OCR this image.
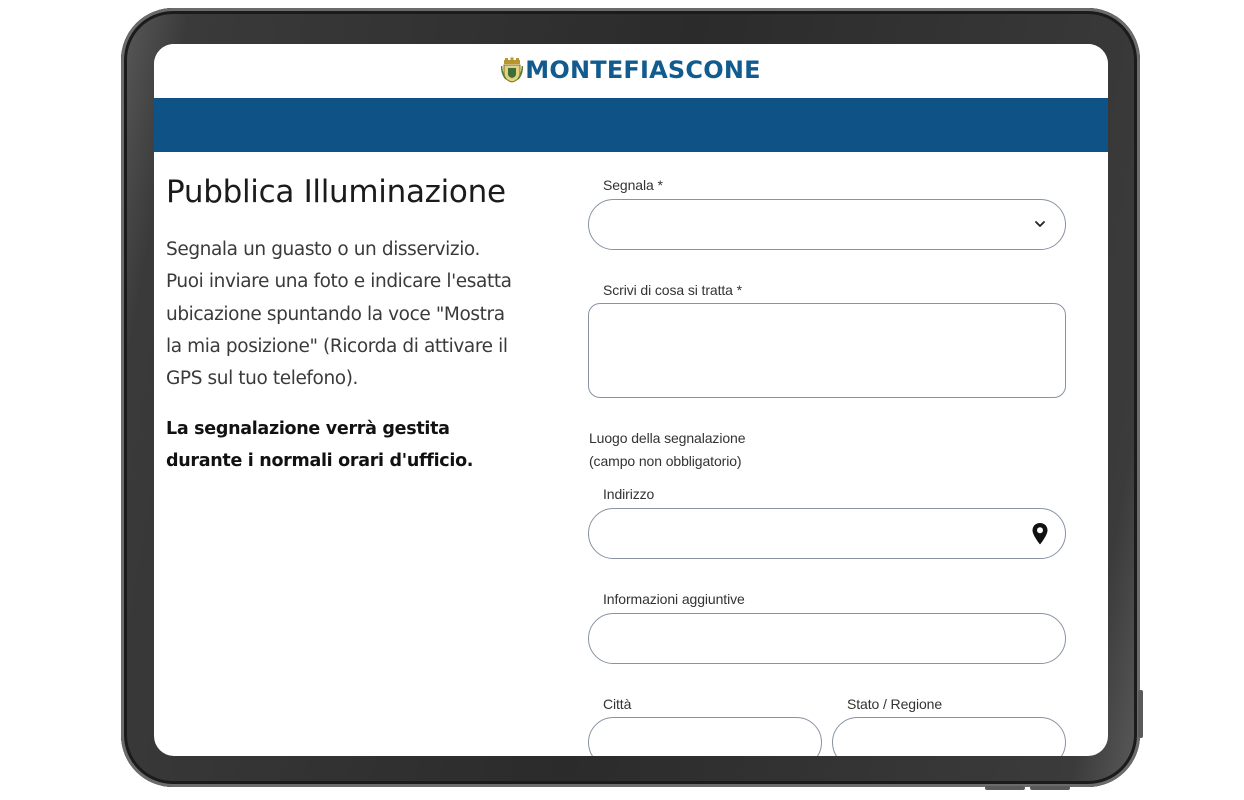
MONTEFIASCONE
Pubblica Illuminazione

Segnala un guasto o un disservizio. Puoi inviare una foto e indicare l'esatta ubicazione spuntando la voce "Mostra la mia posizione" (Ricorda di attivare il GPS sul tuo telefono).

La segnalazione verrà gestita durante i normali orari d'ufficio.

Segnala *
Scrivi di cosa si tratta *
Luogo della segnalazione
(campo non obbligatorio)
Indirizzo
Informazioni aggiuntive
Città	Stato / Regione
